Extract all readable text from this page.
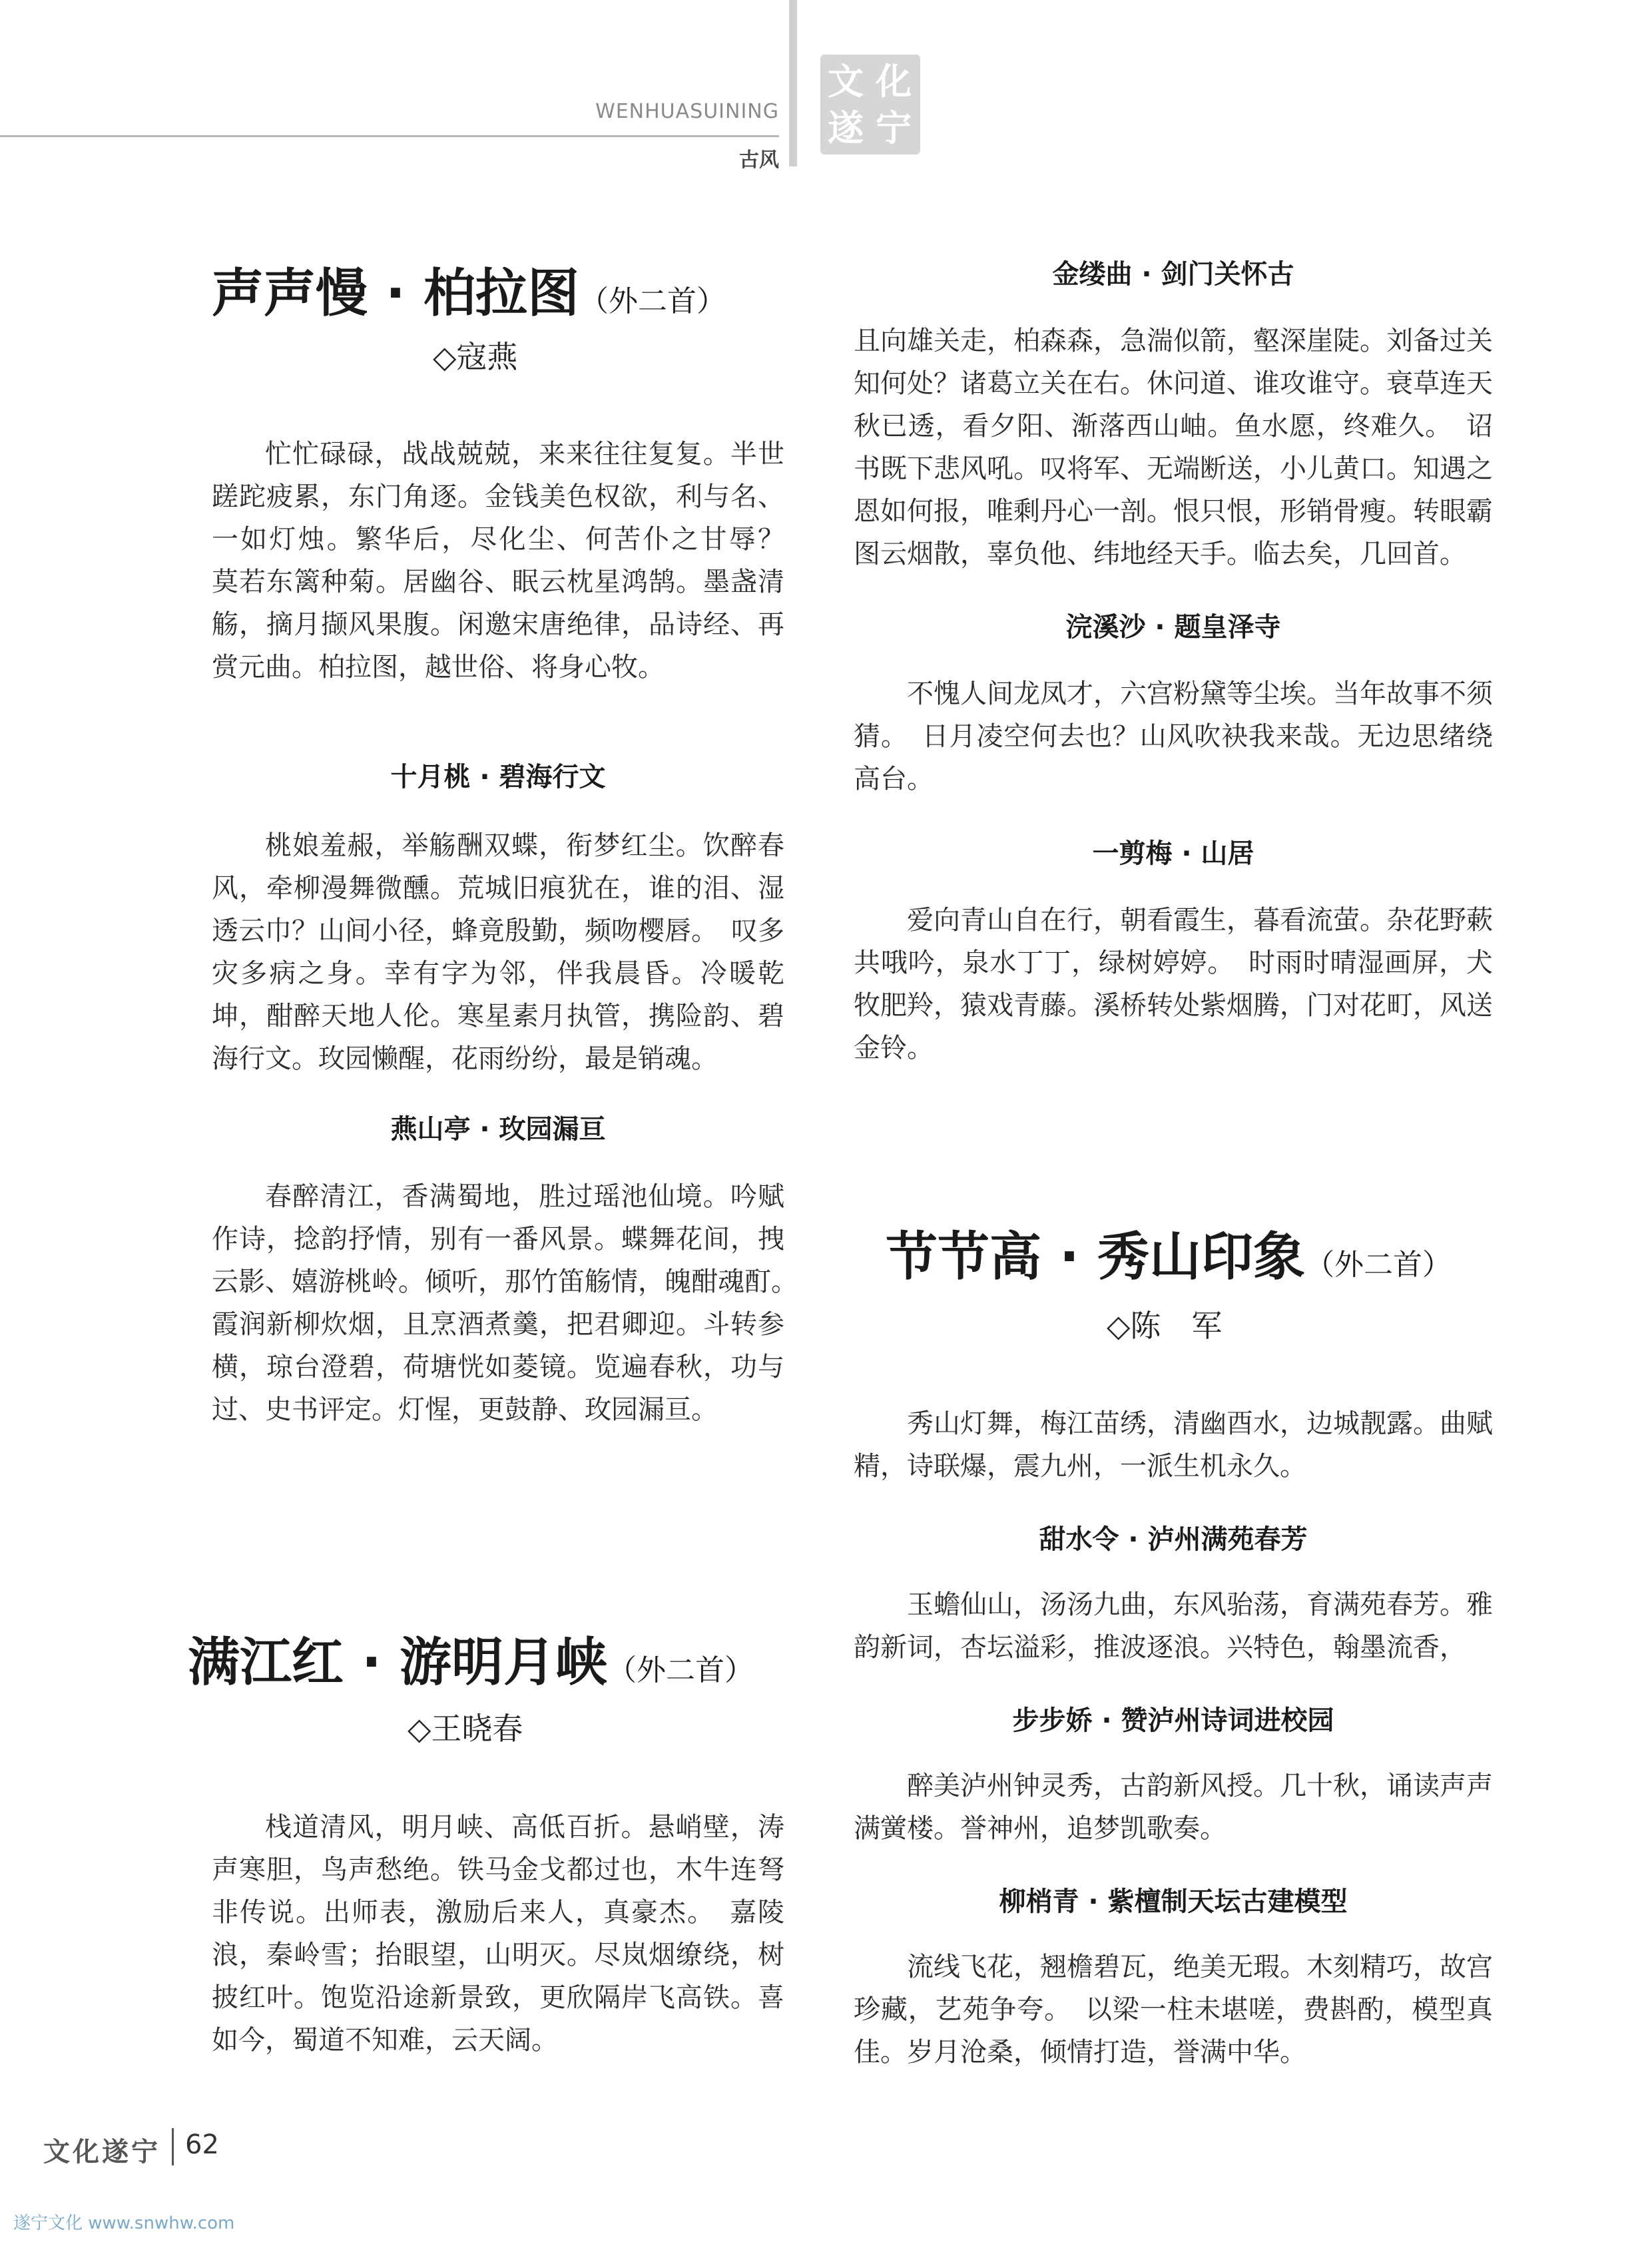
WENHUASUINING
古风
文 化
遂 宁
声声慢 · 柏拉图（外二首）
◇寇燕

忙忙碌碌，战战兢兢，来来往往复复。半世蹉跎疲累，东门角逐。金钱美色权欲，利与名、一如灯烛。繁华后，尽化尘、何苦仆之甘辱？　莫若东篱种菊。居幽谷、眠云枕星鸿鹄。墨盏清觞，摘月撷风果腹。闲邀宋唐绝律，品诗经、再赏元曲。柏拉图，越世俗、将身心牧。

十月桃 · 碧海行文

桃娘羞赧，举觞酬双蝶，衔梦红尘。饮醉春风，牵柳漫舞微醺。荒城旧痕犹在，谁的泪、湿透云巾？山间小径，蜂竟殷勤，频吻樱唇。　叹多灾多病之身。幸有字为邻，伴我晨昏。冷暖乾坤，酣醉天地人伦。寒星素月执管，携险韵、碧海行文。玫园懒醒，花雨纷纷，最是销魂。

燕山亭 · 玫园漏亘

春醉清江，香满蜀地，胜过瑶池仙境。吟赋作诗，捻韵抒情，别有一番风景。蝶舞花间，拽云影、嬉游桃岭。倾听，那竹笛觞情，魄酣魂酊。　霞润新柳炊烟，且烹酒煮羹，把君卿迎。斗转参横，琼台澄碧，荷塘恍如菱镜。览遍春秋，功与过、史书评定。灯惺，更鼓静、玫园漏亘。

满江红 · 游明月峡（外二首）
◇王晓春

栈道清风，明月峡、高低百折。悬峭壁，涛声寒胆，鸟声愁绝。铁马金戈都过也，木牛连弩非传说。出师表，激励后来人，真豪杰。　嘉陵浪，秦岭雪；抬眼望，山明灭。尽岚烟缭绕，树披红叶。饱览沿途新景致，更欣隔岸飞高铁。喜如今，蜀道不知难，云天阔。

金缕曲 · 剑门关怀古

且向雄关走，柏森森，急湍似箭，壑深崖陡。刘备过关知何处？诸葛立关在右。休问道、谁攻谁守。衰草连天秋已透，看夕阳、渐落西山岫。鱼水愿，终难久。　诏书既下悲风吼。叹将军、无端断送，小儿黄口。知遇之恩如何报，唯剩丹心一剖。恨只恨，形销骨瘦。转眼霸图云烟散，辜负他、纬地经天手。临去矣，几回首。

浣溪沙 · 题皇泽寺

不愧人间龙凤才，六宫粉黛等尘埃。当年故事不须猜。　日月凌空何去也？山风吹袂我来哉。无边思绪绕高台。

一剪梅 · 山居

爱向青山自在行，朝看霞生，暮看流萤。杂花野蔌共哦吟，泉水丁丁，绿树婷婷。　时雨时晴湿画屏，犬牧肥羚，猿戏青藤。溪桥转处紫烟腾，门对花町，风送金铃。

节节高 · 秀山印象（外二首）
◇陈　军

秀山灯舞，梅江苗绣，清幽酉水，边城靓露。曲赋精，诗联爆，震九州，一派生机永久。

甜水令 · 泸州满苑春芳

玉蟾仙山，汤汤九曲，东风骀荡，育满苑春芳。雅韵新词，杏坛溢彩，推波逐浪。兴特色，翰墨流香，

步步娇 · 赞泸州诗词进校园

醉美泸州钟灵秀，古韵新风授。几十秋，诵读声声满黉楼。誉神州，追梦凯歌奏。

柳梢青 · 紫檀制天坛古建模型

流线飞花，翘檐碧瓦，绝美无瑕。木刻精巧，故宫珍藏，艺苑争夸。　以梁一柱未堪嗟，费斟酌，模型真佳。岁月沧桑，倾情打造，誉满中华。

文化遂宁 62
遂宁文化 www.snwhw.com
